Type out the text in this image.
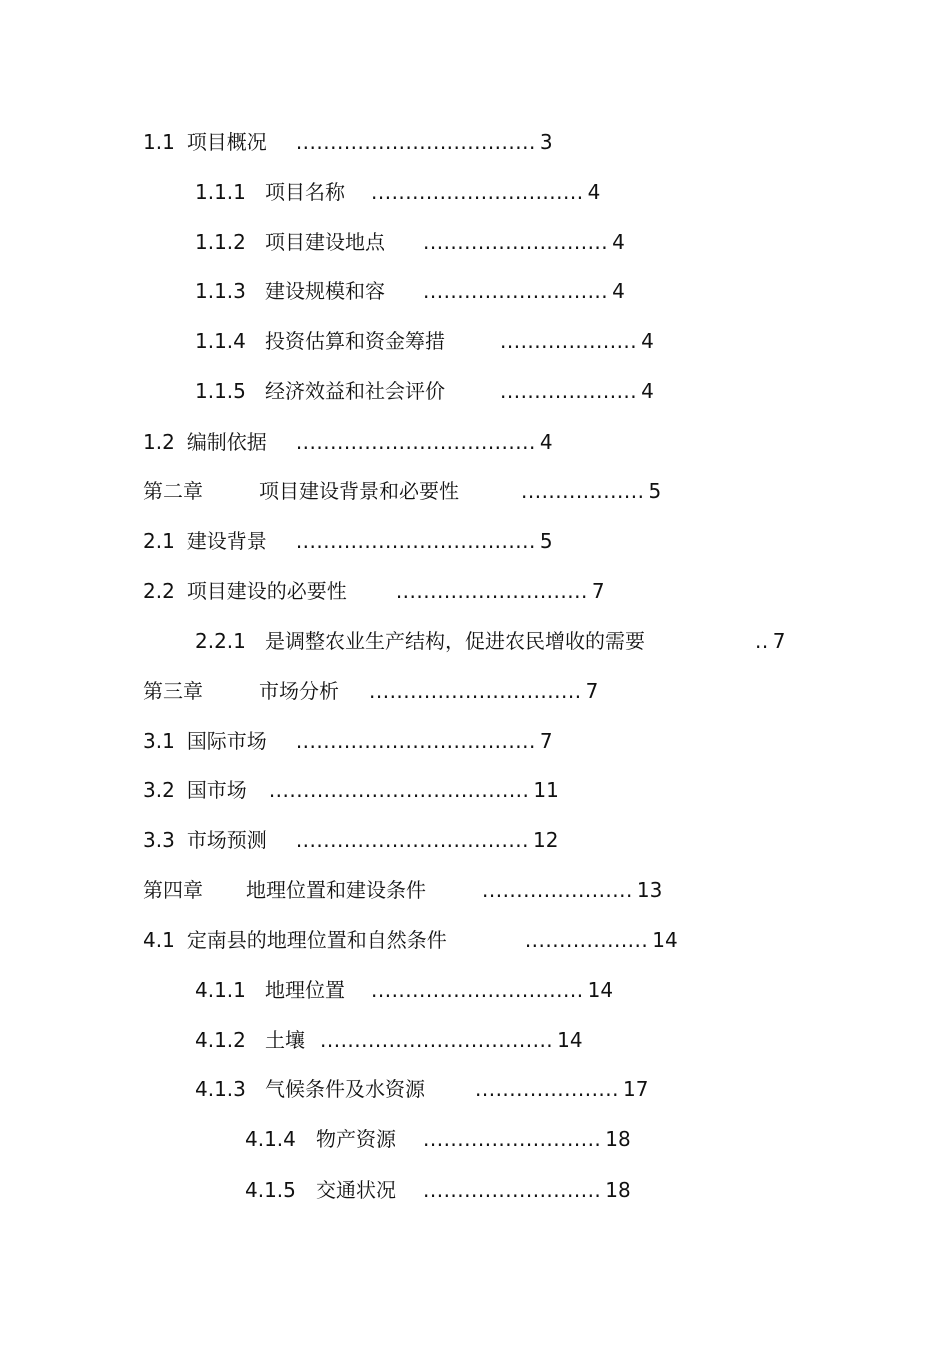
1.1 项目概况 ................................... 3
1.1.1 项目名称 ............................... 4
1.1.2 项目建设地点 ........................... 4
1.1.3 建设规模和容 ........................... 4
1.1.4 投资估算和资金筹措	.................... 4
1.1.5 经济效益和社会评价	.................... 4
1.2 编制依据 ................................... 4
第二章	项目建设背景和必要性	.................. 5
2.1 建设背景 ................................... 5
2.2 项目建设的必要性 ............................ 7
2.2.1 是调整农业生产结构，促进农民增收的需要	.. 7
第三章	市场分析 ............................... 7
3.1 国际市场 ................................... 7
3.2 国市场 ...................................... 11
3.3 市场预测 .................................. 12
第四章 地理位置和建设条件	...................... 13
4.1 定南县的地理位置和自然条件	.................. 14
4.1.1 地理位置 ............................... 14
4.1.2 土壤 .................................. 14
4.1.3 气候条件及水资源	..................... 17
4.1.4 物产资源 .......................... 18
4.1.5 交通状况 .......................... 18
